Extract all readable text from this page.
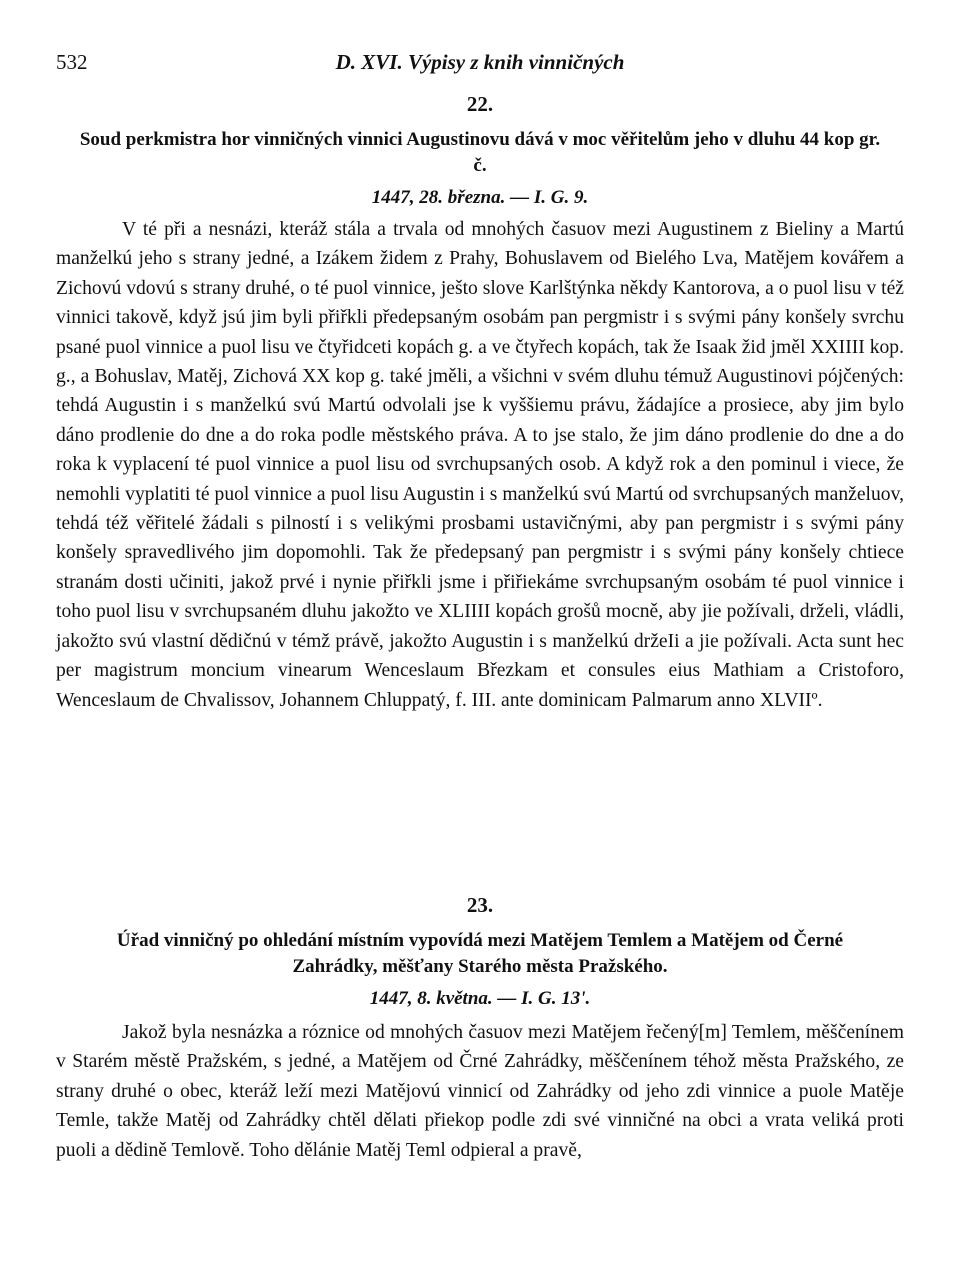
532	D. XVI. Výpisy z knih vinničných
22.
Soud perkmistra hor vinničných vinnici Augustinovu dává v moc věřitelům jeho v dluhu 44 kop gr. č.
1447, 28. března. — I. G. 9.

V té při a nesnázi, kteráž stála a trvala od mnohých časuov mezi Augustinem z Bieliny a Martú manželkú jeho s strany jedné, a Izákem židem z Prahy, Bohuslavem od Bielého Lva, Matějem kovářem a Zichovú vdovú s strany druhé, o té puol vinnice, ješto slove Karlštýnka někdy Kantorova, a o puol lisu v též vinnici takově, když jsú jim byli přiřkli předepsaným osobám pan pergmistr i s svými pány konšely svrchu psané puol vinnice a puol lisu ve čtyřidceti kopách g. a ve čtyřech kopách, tak že Isaak žid jměl XXIIII kop. g., a Bohuslav, Matěj, Zichová XX kop g. také jměli, a všichni v svém dluhu témuž Augustinovi pójčených: tehdá Augustin i s manželkú svú Martú odvolali jse k vyššiemu právu, žádajíce a prosiece, aby jim bylo dáno prodlenie do dne a do roka podle městského práva. A to jse stalo, že jim dáno prodlenie do dne a do roka k vyplacení té puol vinnice a puol lisu od svrchupsaných osob. A když rok a den pominul i viece, že nemohli vyplatiti té puol vinnice a puol lisu Augustin i s manželkú svú Martú od svrchupsaných manželuov, tehdá též věřitelé žádali s pilností i s velikými prosbami ustavičnými, aby pan pergmistr i s svými pány konšely spravedlivého jim dopomohli. Tak že předepsaný pan pergmistr i s svými pány konšely chtiece stranám dosti učiniti, jakož prvé i nynie přiřkli jsme i přiřiekáme svrchupsaným osobám té puol vinnice i toho puol lisu v svrchupsaném dluhu jakožto ve XLIIII kopách grošů mocně, aby jie požívali, drželi, vládli, jakožto svú vlastní dědičnú v témž právě, jakožto Augustin i s manželkú držeIi a jie požívali. Acta sunt hec per magistrum moncium vinearum Wenceslaum Březkam et consules eius Mathiam a Cristoforo, Wenceslaum de Chvalissov, Johannem Chluppatý, f. III. ante dominicam Palmarum anno XLVIIº.

23.
Úřad vinničný po ohledání místním vypovídá mezi Matějem Temlem a Matějem od Černé Zahrádky, měšťany Starého města Pražského.
1447, 8. května. — I. G. 13'.

Jakož byla nesnázka a róznice od mnohých časuov mezi Matějem řečený[m] Temlem, měščenínem v Starém městě Pražském, s jedné, a Matějem od Črné Zahrádky, měščenínem téhož města Pražského, ze strany druhé o obec, kteráž leží mezi Matějovú vinnicí od Zahrádky od jeho zdi vinnice a puole Matěje Temle, takže Matěj od Zahrádky chtěl dělati přiekop podle zdi své vinničné na obci a vrata veliká proti puoli a dědině Temlově. Toho dělánie Matěj Teml odpieral a pravě,
